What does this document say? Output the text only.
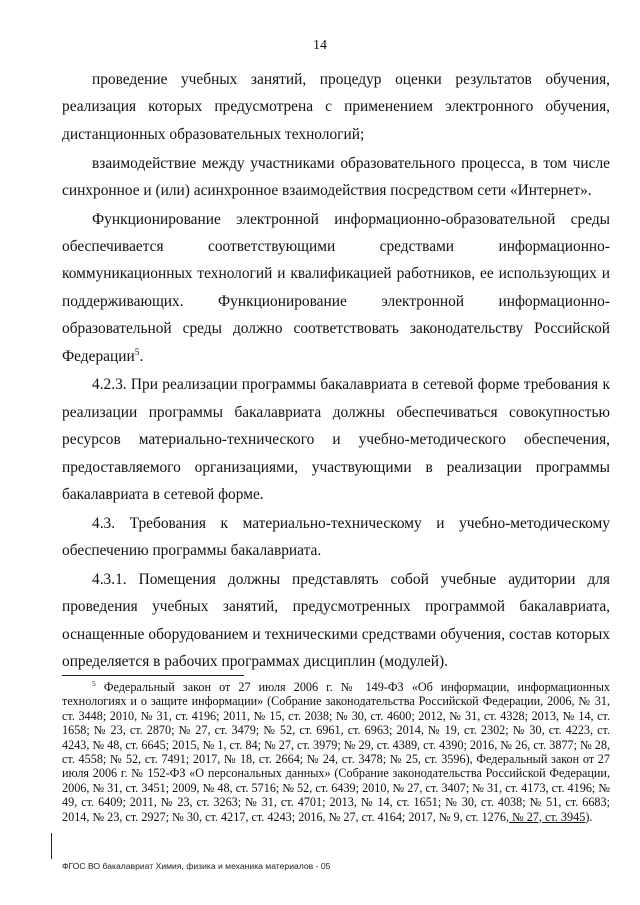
14

проведение учебных занятий, процедур оценки результатов обучения, реализация которых предусмотрена с применением электронного обучения, дистанционных образовательных технологий;

взаимодействие между участниками образовательного процесса, в том числе синхронное и (или) асинхронное взаимодействия посредством сети «Интернет».

Функционирование электронной информационно-образовательной среды обеспечивается соответствующими средствами информационно-коммуникационных технологий и квалификацией работников, ее использующих и поддерживающих. Функционирование электронной информационно-образовательной среды должно соответствовать законодательству Российской Федерации$^5$.

4.2.3. При реализации программы бакалавриата в сетевой форме требования к реализации программы бакалавриата должны обеспечиваться совокупностью ресурсов материально-технического и учебно-методического обеспечения, предоставляемого организациями, участвующими в реализации программы бакалавриата в сетевой форме.

4.3. Требования к материально-техническому и учебно-методическому обеспечению программы бакалавриата.

4.3.1. Помещения должны представлять собой учебные аудитории для проведения учебных занятий, предусмотренных программой бакалавриата, оснащенные оборудованием и техническими средствами обучения, состав которых определяется в рабочих программах дисциплин (модулей).

$^5$ Федеральный закон от 27 июля 2006 г. № 149-ФЗ «Об информации, информационных технологиях и о защите информации» (Собрание законодательства Российской Федерации, 2006, № 31, ст. 3448; 2010, № 31, ст. 4196; 2011, № 15, ст. 2038; № 30, ст. 4600; 2012, № 31, ст. 4328; 2013, № 14, ст. 1658; № 23, ст. 2870; № 27, ст. 3479; № 52, ст. 6961, ст. 6963; 2014, № 19, ст. 2302; № 30, ст. 4223, ст. 4243, № 48, ст. 6645; 2015, № 1, ст. 84; № 27, ст. 3979; № 29, ст. 4389, ст. 4390; 2016, № 26, ст. 3877; № 28, ст. 4558; № 52, ст. 7491; 2017, № 18, ст. 2664; № 24, ст. 3478; № 25, ст. 3596), Федеральный закон от 27 июля 2006 г. № 152-ФЗ «О персональных данных» (Собрание законодательства Российской Федерации, 2006, № 31, ст. 3451; 2009, № 48, ст. 5716; № 52, ст. 6439; 2010, № 27, ст. 3407; № 31, ст. 4173, ст. 4196; № 49, ст. 6409; 2011, № 23, ст. 3263; № 31, ст. 4701; 2013, № 14, ст. 1651; № 30, ст. 4038; № 51, ст. 6683; 2014, № 23, ст. 2927; № 30, ст. 4217, ст. 4243; 2016, № 27, ст. 4164; 2017, № 9, ст. 1276, № 27, ст. 3945).

ФГОС ВО бакалавриат Химия, физика и механика материалов - 05
